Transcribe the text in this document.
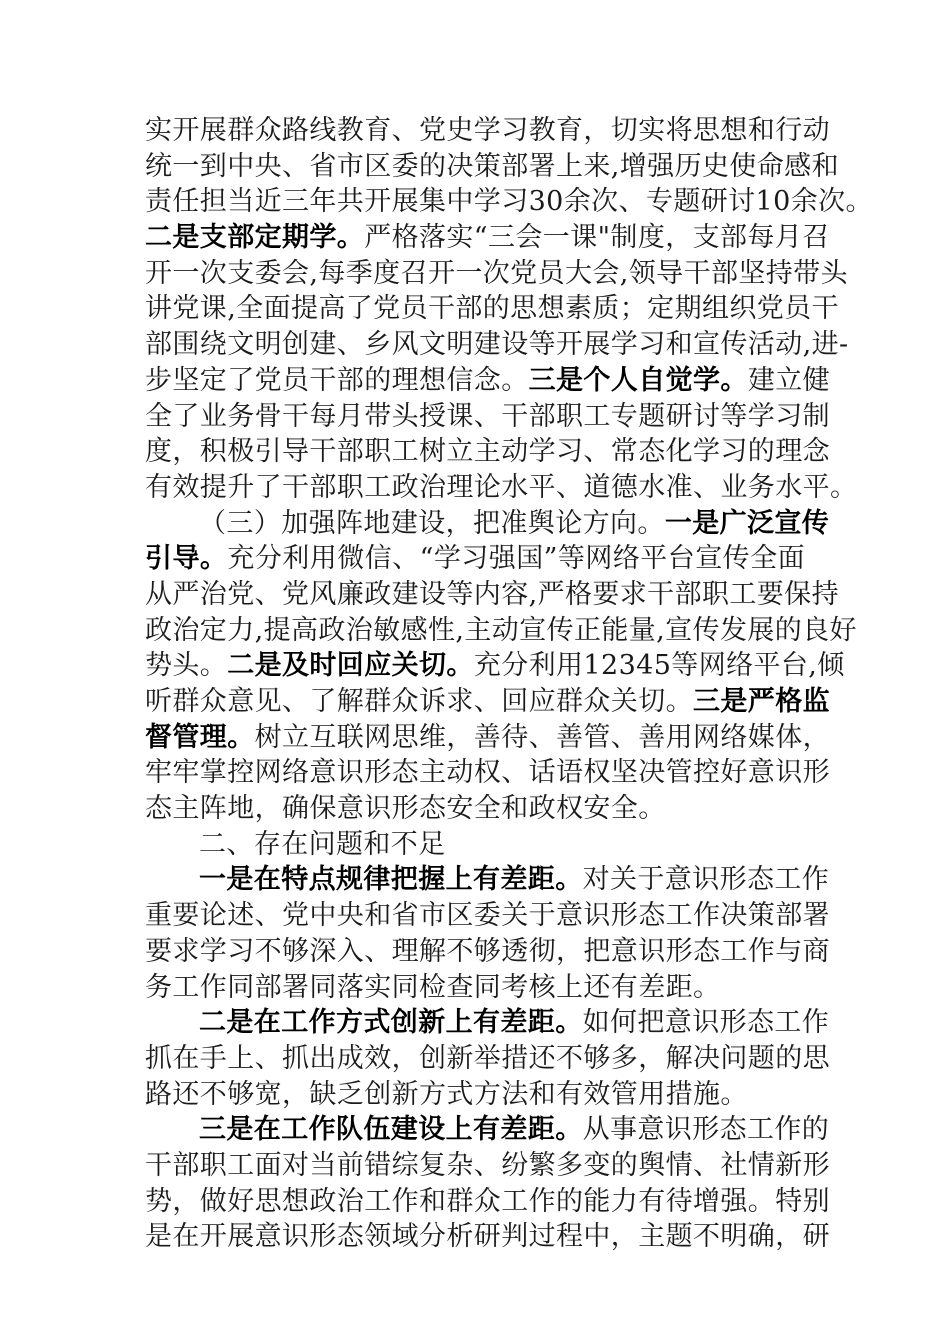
实开展群众路线教育、党史学习教育，切实将思想和行动
统一到中央、省市区委的决策部署上来,增强历史使命感和
责任担当近三年共开展集中学习30余次、专题研讨10余次。
二是支部定期学。严格落实“三会一课"制度，支部每月召
开一次支委会,每季度召开一次党员大会,领导干部坚持带头
讲党课,全面提高了党员干部的思想素质；定期组织党员干
部围绕文明创建、乡风文明建设等开展学习和宣传活动,进-
步坚定了党员干部的理想信念。三是个人自觉学。建立健
全了业务骨干每月带头授课、干部职工专题研讨等学习制
度，积极引导干部职工树立主动学习、常态化学习的理念
有效提升了干部职工政治理论水平、道德水准、业务水平。
（三）加强阵地建设，把准舆论方向。一是广泛宣传
引导。充分利用微信、“学习强国”等网络平台宣传全面
从严治党、党风廉政建设等内容,严格要求干部职工要保持
政治定力,提高政治敏感性,主动宣传正能量,宣传发展的良好
势头。二是及时回应关切。充分利用12345等网络平台,倾
听群众意见、了解群众诉求、回应群众关切。三是严格监
督管理。树立互联网思维，善待、善管、善用网络媒体，
牢牢掌控网络意识形态主动权、话语权坚决管控好意识形
态主阵地，确保意识形态安全和政权安全。
二、存在问题和不足
一是在特点规律把握上有差距。对关于意识形态工作
重要论述、党中央和省市区委关于意识形态工作决策部署
要求学习不够深入、理解不够透彻，把意识形态工作与商
务工作同部署同落实同检查同考核上还有差距。
二是在工作方式创新上有差距。如何把意识形态工作
抓在手上、抓出成效，创新举措还不够多，解决问题的思
路还不够宽，缺乏创新方式方法和有效管用措施。
三是在工作队伍建设上有差距。从事意识形态工作的
干部职工面对当前错综复杂、纷繁多变的舆情、社情新形
势，做好思想政治工作和群众工作的能力有待增强。特别
是在开展意识形态领域分析研判过程中，主题不明确，研
